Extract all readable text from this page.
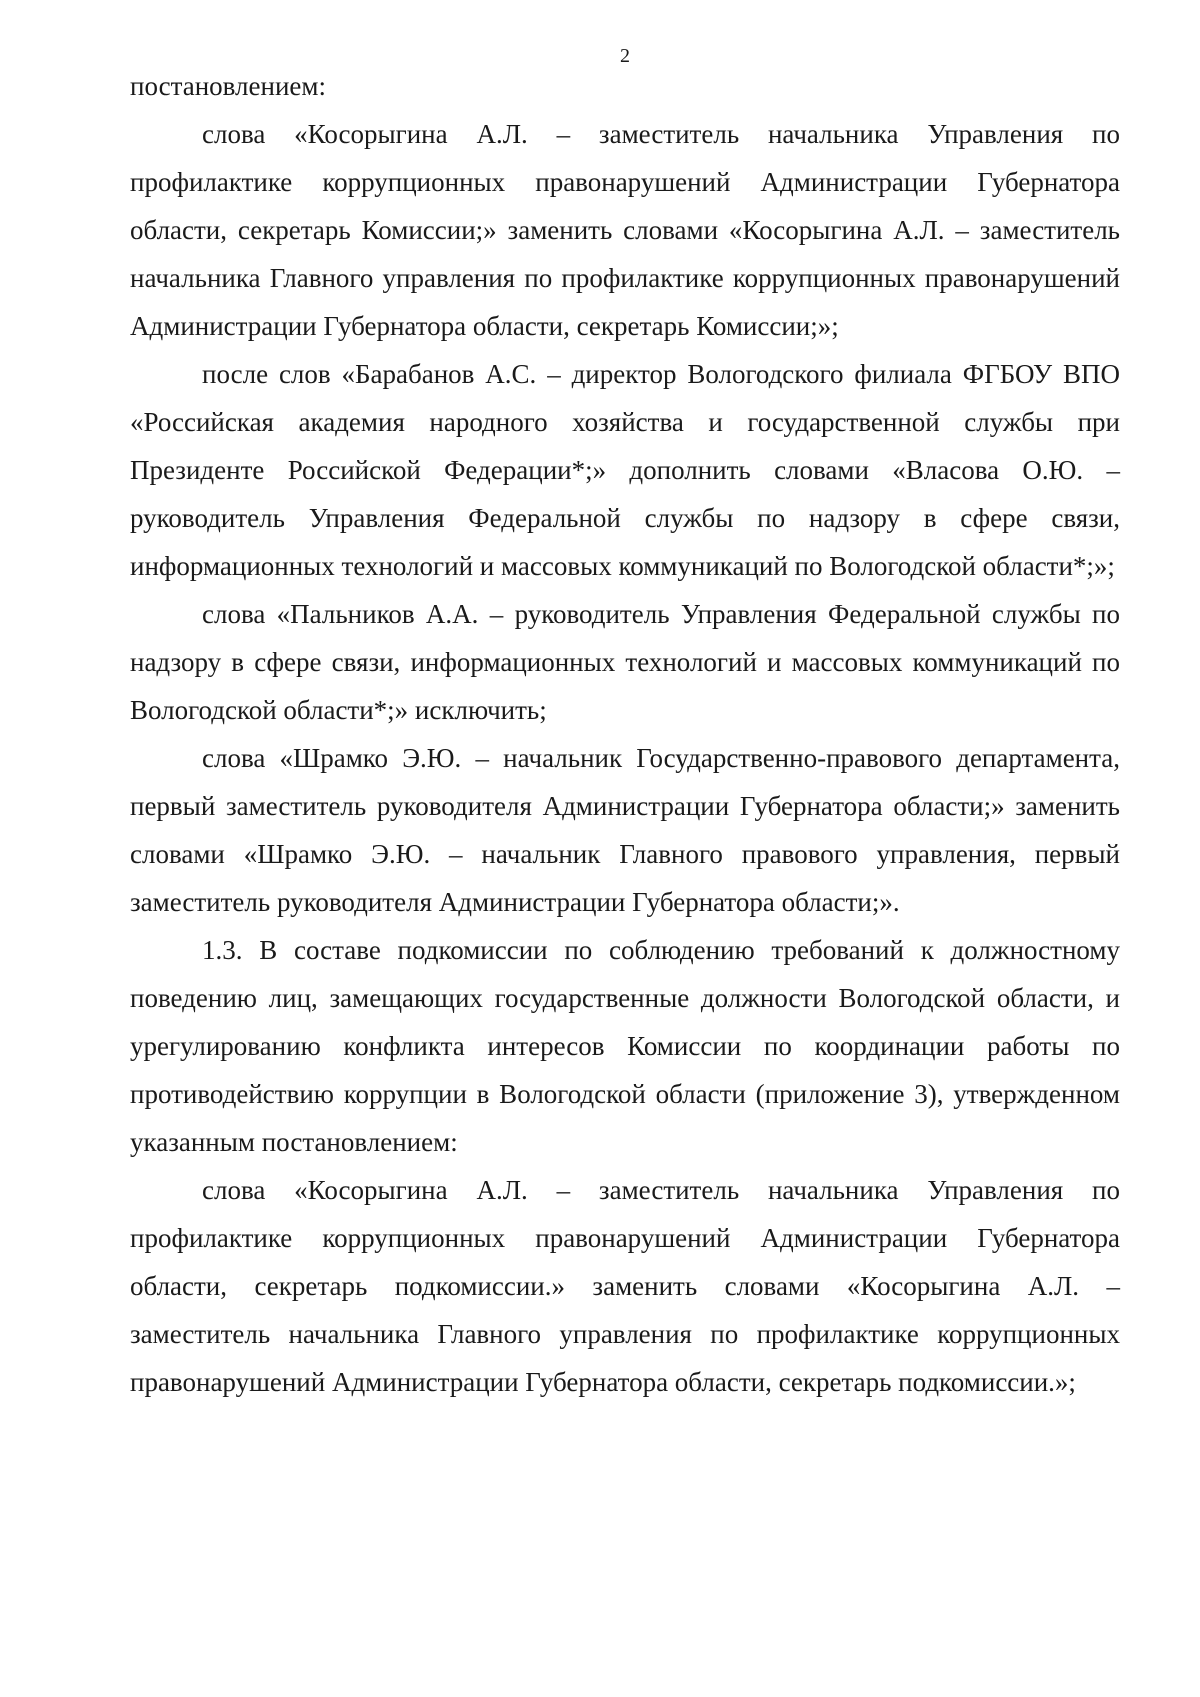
2

постановлением:

слова «Косорыгина А.Л. – заместитель начальника Управления по профилактике коррупционных правонарушений Администрации Губернатора области, секретарь Комиссии;» заменить словами «Косорыгина А.Л. – заместитель начальника Главного управления по профилактике коррупционных правонарушений Администрации Губернатора области, секретарь Комиссии;»;

после слов «Барабанов А.С. – директор Вологодского филиала ФГБОУ ВПО «Российская академия народного хозяйства и государственной службы при Президенте Российской Федерации*;» дополнить словами «Власова О.Ю. – руководитель Управления Федеральной службы по надзору в сфере связи, информационных технологий и массовых коммуникаций по Вологодской области*;»;

слова «Пальников А.А. – руководитель Управления Федеральной службы по надзору в сфере связи, информационных технологий и массовых коммуникаций по Вологодской области*;» исключить;

слова «Шрамко Э.Ю. – начальник Государственно-правового департамента, первый заместитель руководителя Администрации Губернатора области;» заменить словами «Шрамко Э.Ю. – начальник Главного правового управления, первый заместитель руководителя Администрации Губернатора области;».

1.3. В составе подкомиссии по соблюдению требований к должностному поведению лиц, замещающих государственные должности Вологодской области, и урегулированию конфликта интересов Комиссии по координации работы по противодействию коррупции в Вологодской области (приложение 3), утвержденном указанным постановлением:

слова «Косорыгина А.Л. – заместитель начальника Управления по профилактике коррупционных правонарушений Администрации Губернатора области, секретарь подкомиссии.» заменить словами «Косорыгина А.Л. – заместитель начальника Главного управления по профилактике коррупционных правонарушений Администрации Губернатора области, секретарь подкомиссии.»;
